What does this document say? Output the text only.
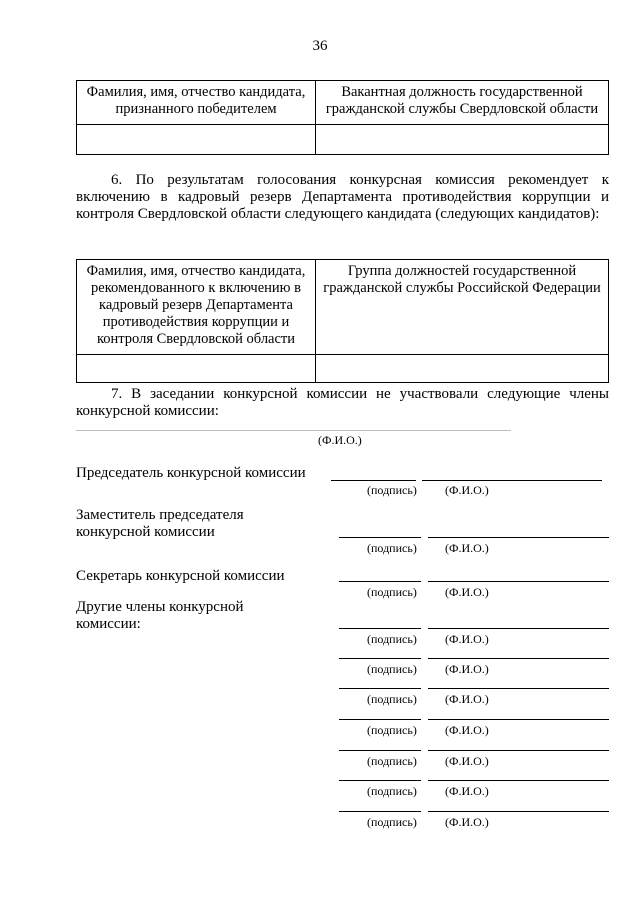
36
Фамилия, имя, отчество кандидата, признанного победителем	Вакантная должность государственной гражданской службы Свердловской области

6. По результатам голосования конкурсная комиссия рекомендует к включению в кадровый резерв Департамента противодействия коррупции и контроля Свердловской области следующего кандидата (следующих кандидатов):
Фамилия, имя, отчество кандидата, рекомендованного к включению в кадровый резерв Департамента противодействия коррупции и контроля Свердловской области	Группа должностей государственной гражданской службы Российской Федерации

7. В заседании конкурсной комиссии не участвовали следующие члены конкурсной комиссии:
(Ф.И.О.)
Председатель конкурсной комиссии
(подпись) (Ф.И.О.)
Заместитель председателя конкурсной комиссии
(подпись) (Ф.И.О.)
Секретарь конкурсной комиссии
(подпись) (Ф.И.О.)
Другие члены конкурсной комиссии:
(подпись) (Ф.И.О.)
(подпись) (Ф.И.О.)
(подпись) (Ф.И.О.)
(подпись) (Ф.И.О.)
(подпись) (Ф.И.О.)
(подпись) (Ф.И.О.)
(подпись) (Ф.И.О.)
